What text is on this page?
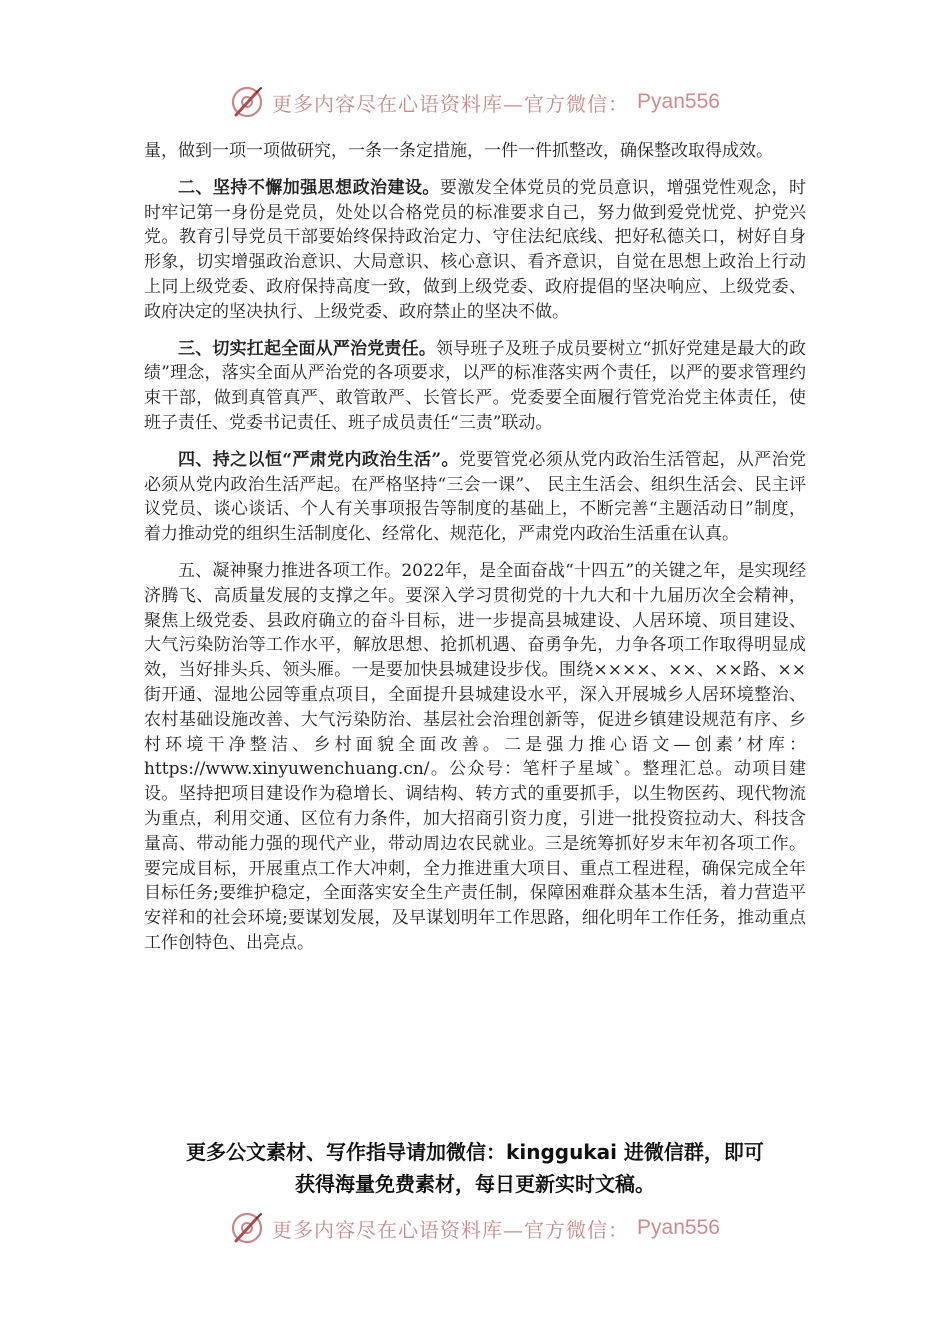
更多内容尽在心语资料库—官方微信： Pyan556

量，做到一项一项做研究，一条一条定措施，一件一件抓整改，确保整改取得成效。

二、坚持不懈加强思想政治建设。要激发全体党员的党员意识，增强党性观念，时时牢记第一身份是党员，处处以合格党员的标准要求自己，努力做到爱党忧党、护党兴党。教育引导党员干部要始终保持政治定力、守住法纪底线、把好私德关口，树好自身形象，切实增强政治意识、大局意识、核心意识、看齐意识，自觉在思想上政治上行动上同上级党委、政府保持高度一致，做到上级党委、政府提倡的坚决响应、上级党委、政府决定的坚决执行、上级党委、政府禁止的坚决不做。

三、切实扛起全面从严治党责任。领导班子及班子成员要树立“抓好党建是最大的政绩”理念，落实全面从严治党的各项要求，以严的标准落实两个责任，以严的要求管理约束干部，做到真管真严、敢管敢严、长管长严。党委要全面履行管党治党主体责任，使班子责任、党委书记责任、班子成员责任“三责”联动。

四、持之以恒“严肃党内政治生活”。党要管党必须从党内政治生活管起，从严治党必须从党内政治生活严起。在严格坚持“三会一课”、 民主生活会、组织生活会、民主评议党员、谈心谈话、个人有关事项报告等制度的基础上，不断完善“主题活动日”制度，着力推动党的组织生活制度化、经常化、规范化，严肃党内政治生活重在认真。

五、凝神聚力推进各项工作。2022年，是全面奋战“十四五”的关键之年，是实现经济腾飞、高质量发展的支撑之年。要深入学习贯彻党的十九大和十九届历次全会精神，聚焦上级党委、县政府确立的奋斗目标，进一步提高县城建设、人居环境、项目建设、大气污染防治等工作水平，解放思想、抢抓机遇、奋勇争先，力争各项工作取得明显成效，当好排头兵、领头雁。一是要加快县城建设步伐。围绕××××、××、××路、××街开通、湿地公园等重点项目，全面提升县城建设水平，深入开展城乡人居环境整治、农村基础设施改善、大气污染防治、基层社会治理创新等，促进乡镇建设规范有序、乡村环境干净整洁、乡村面貌全面改善。二是强力推心语文—创素’材库：https://www.xinyuwenchuang.cn/。公众号：笔杆子星域`。整理汇总。动项目建设。坚持把项目建设作为稳增长、调结构、转方式的重要抓手，以生物医药、现代物流为重点，利用交通、区位有力条件，加大招商引资力度，引进一批投资拉动大、科技含量高、带动能力强的现代产业，带动周边农民就业。三是统筹抓好岁末年初各项工作。要完成目标，开展重点工作大冲刺，全力推进重大项目、重点工程进程，确保完成全年目标任务;要维护稳定，全面落实安全生产责任制，保障困难群众基本生活，着力营造平安祥和的社会环境;要谋划发展，及早谋划明年工作思路，细化明年工作任务，推动重点工作创特色、出亮点。

更多公文素材、写作指导请加微信：kinggukai 进微信群，即可
获得海量免费素材，每日更新实时文稿。
更多内容尽在心语资料库—官方微信： Pyan556
